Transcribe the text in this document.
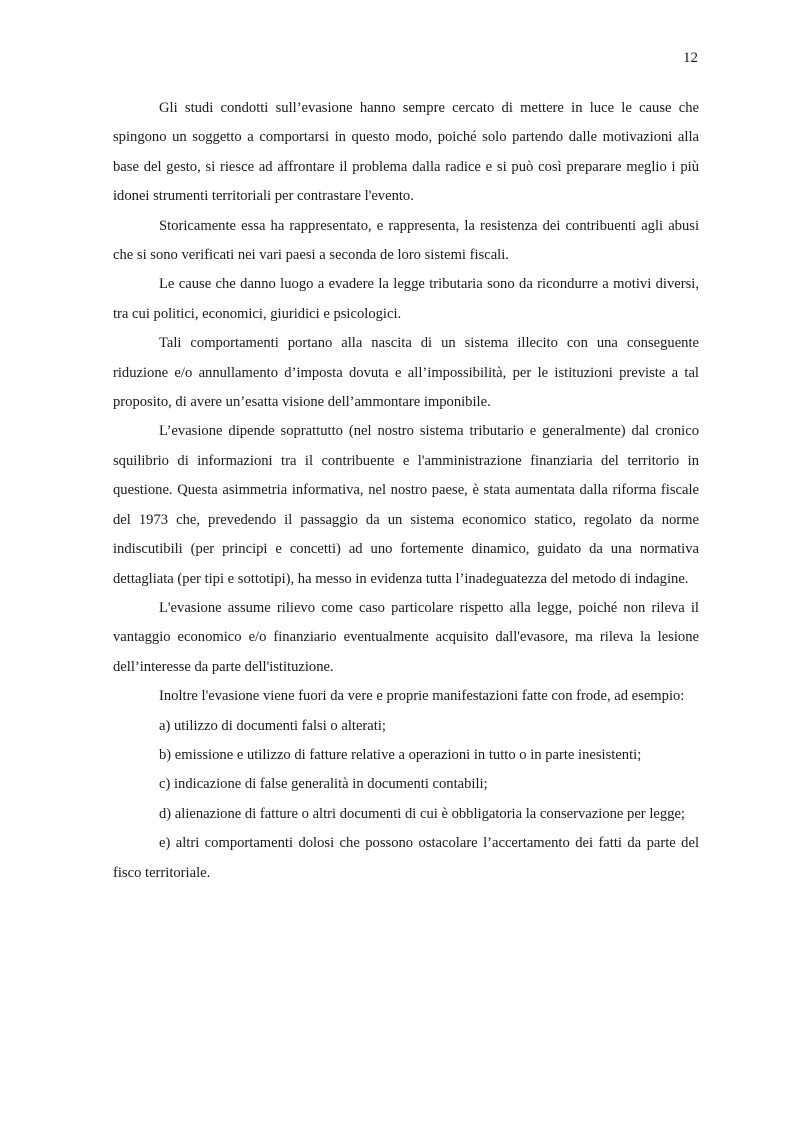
12

Gli studi condotti sull’evasione hanno sempre cercato di mettere in luce le cause che spingono un soggetto a comportarsi in questo modo, poiché solo partendo dalle motivazioni alla base del gesto, si riesce ad affrontare il problema dalla radice e si può così preparare meglio i più idonei strumenti territoriali per contrastare l'evento.

Storicamente essa ha rappresentato, e rappresenta, la resistenza dei contribuenti agli abusi che si sono verificati nei vari paesi a seconda de loro sistemi fiscali.

Le cause che danno luogo a evadere la legge tributaria sono da ricondurre a motivi diversi, tra cui politici, economici, giuridici e psicologici.

Tali comportamenti portano alla nascita di un sistema illecito con una conseguente riduzione e/o annullamento d’imposta dovuta e all’impossibilità, per le istituzioni previste a tal proposito, di avere un’esatta visione dell’ammontare imponibile.

L’evasione dipende soprattutto (nel nostro sistema tributario e generalmente) dal cronico squilibrio di informazioni tra il contribuente e l'amministrazione finanziaria del territorio in questione. Questa asimmetria informativa, nel nostro paese, è stata aumentata dalla riforma fiscale del 1973 che, prevedendo il passaggio da un sistema economico statico, regolato da norme indiscutibili (per principi e concetti) ad uno fortemente dinamico, guidato da una normativa dettagliata (per tipi e sottotipi), ha messo in evidenza tutta l’inadeguatezza del metodo di indagine.

L'evasione assume rilievo come caso particolare rispetto alla legge, poiché non rileva il vantaggio economico e/o finanziario eventualmente acquisito dall'evasore, ma rileva la lesione dell’interesse da parte dell'istituzione.

Inoltre l'evasione viene fuori da vere e proprie manifestazioni fatte con frode, ad esempio:

a) utilizzo di documenti falsi o alterati;

b) emissione e utilizzo di fatture relative a operazioni in tutto o in parte inesistenti;

c) indicazione di false generalità in documenti contabili;

d) alienazione di fatture o altri documenti di cui è obbligatoria la conservazione per legge;

e) altri comportamenti dolosi che possono ostacolare l’accertamento dei fatti da parte del fisco territoriale.
